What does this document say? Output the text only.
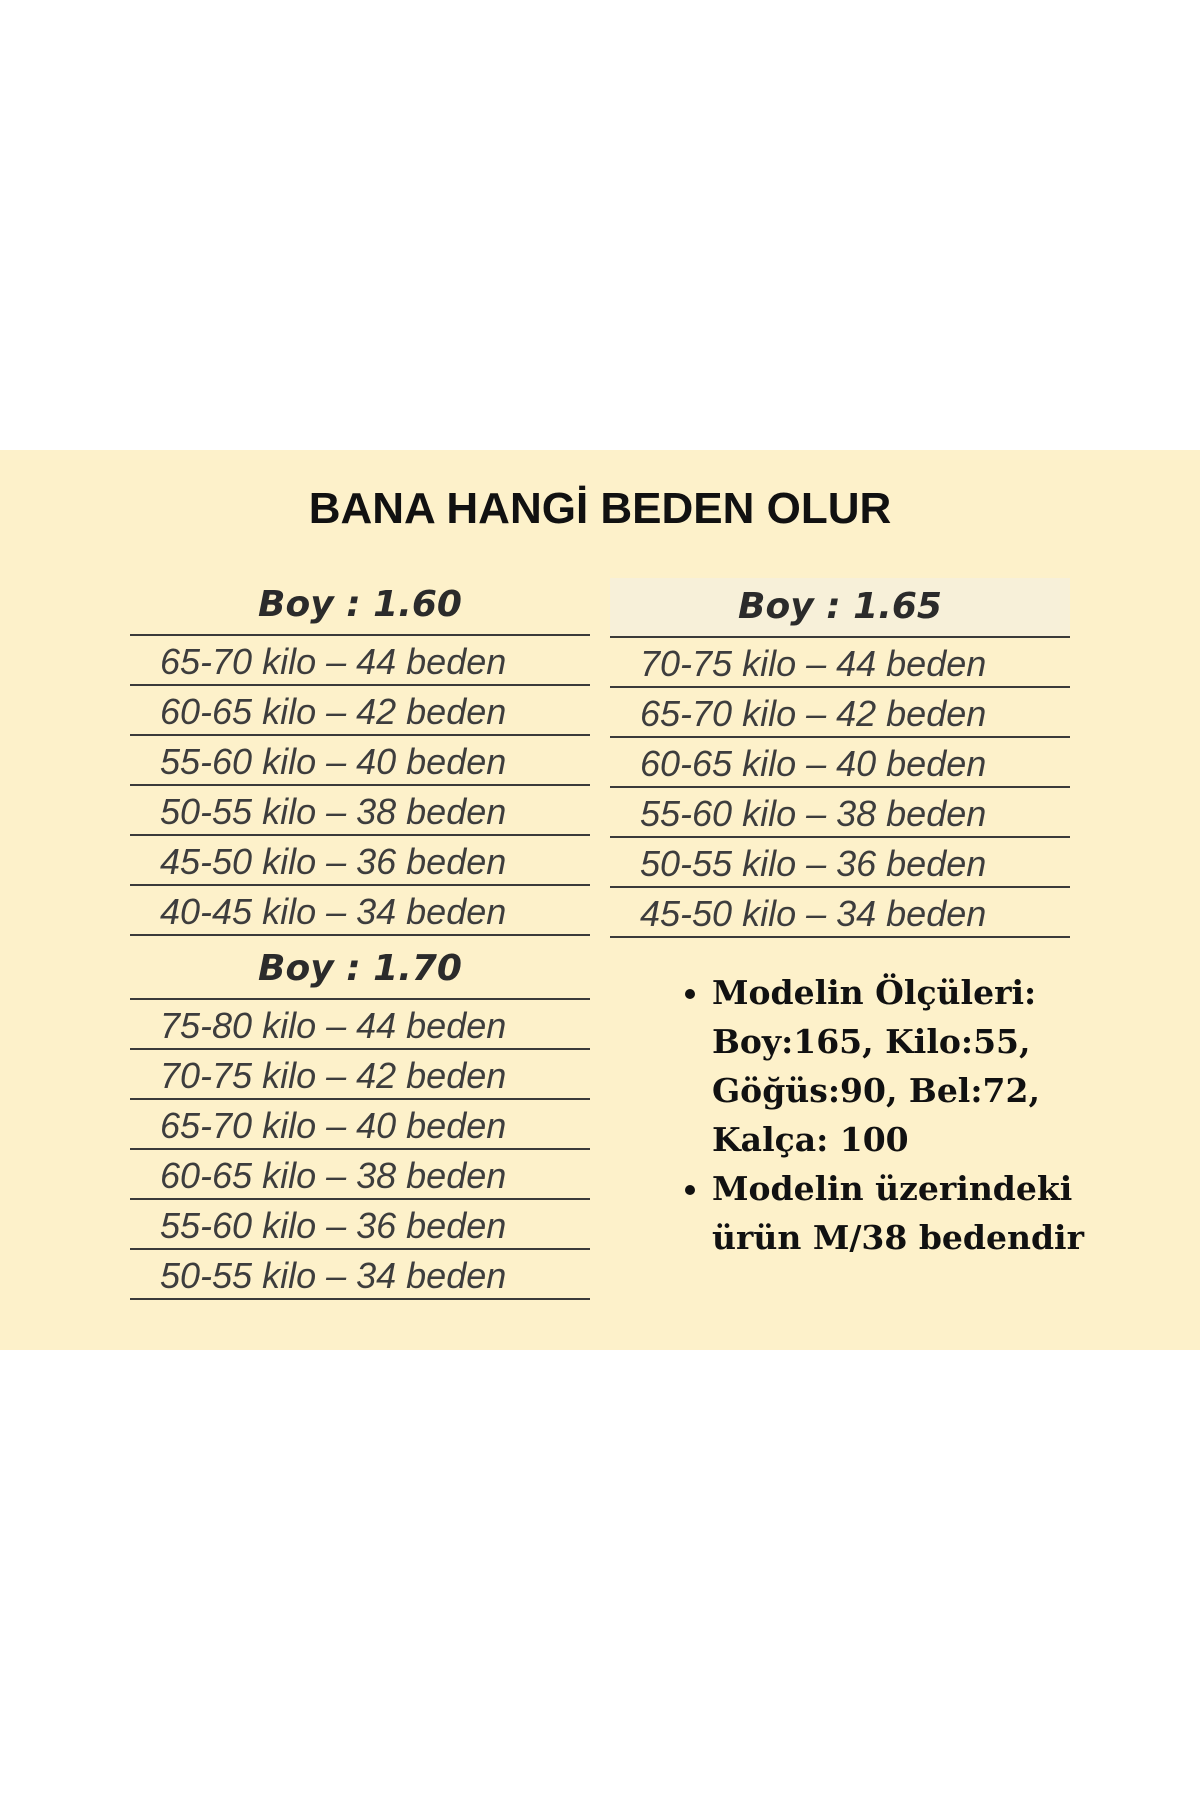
BANA HANGİ BEDEN OLUR
Boy : 1.60
65-70 kilo – 44 beden
60-65 kilo – 42 beden
55-60 kilo – 40 beden
50-55 kilo – 38 beden
45-50 kilo – 36 beden
40-45 kilo – 34 beden
Boy : 1.65
70-75 kilo – 44 beden
65-70 kilo – 42 beden
60-65 kilo – 40 beden
55-60 kilo – 38 beden
50-55 kilo – 36 beden
45-50 kilo – 34 beden
Boy : 1.70
75-80 kilo – 44 beden
70-75 kilo – 42 beden
65-70 kilo – 40 beden
60-65 kilo – 38 beden
55-60 kilo – 36 beden
50-55 kilo – 34 beden
• Modelin Ölçüleri: Boy:165, Kilo:55, Göğüs:90, Bel:72, Kalça: 100
• Modelin üzerindeki ürün M/38 bedendir
